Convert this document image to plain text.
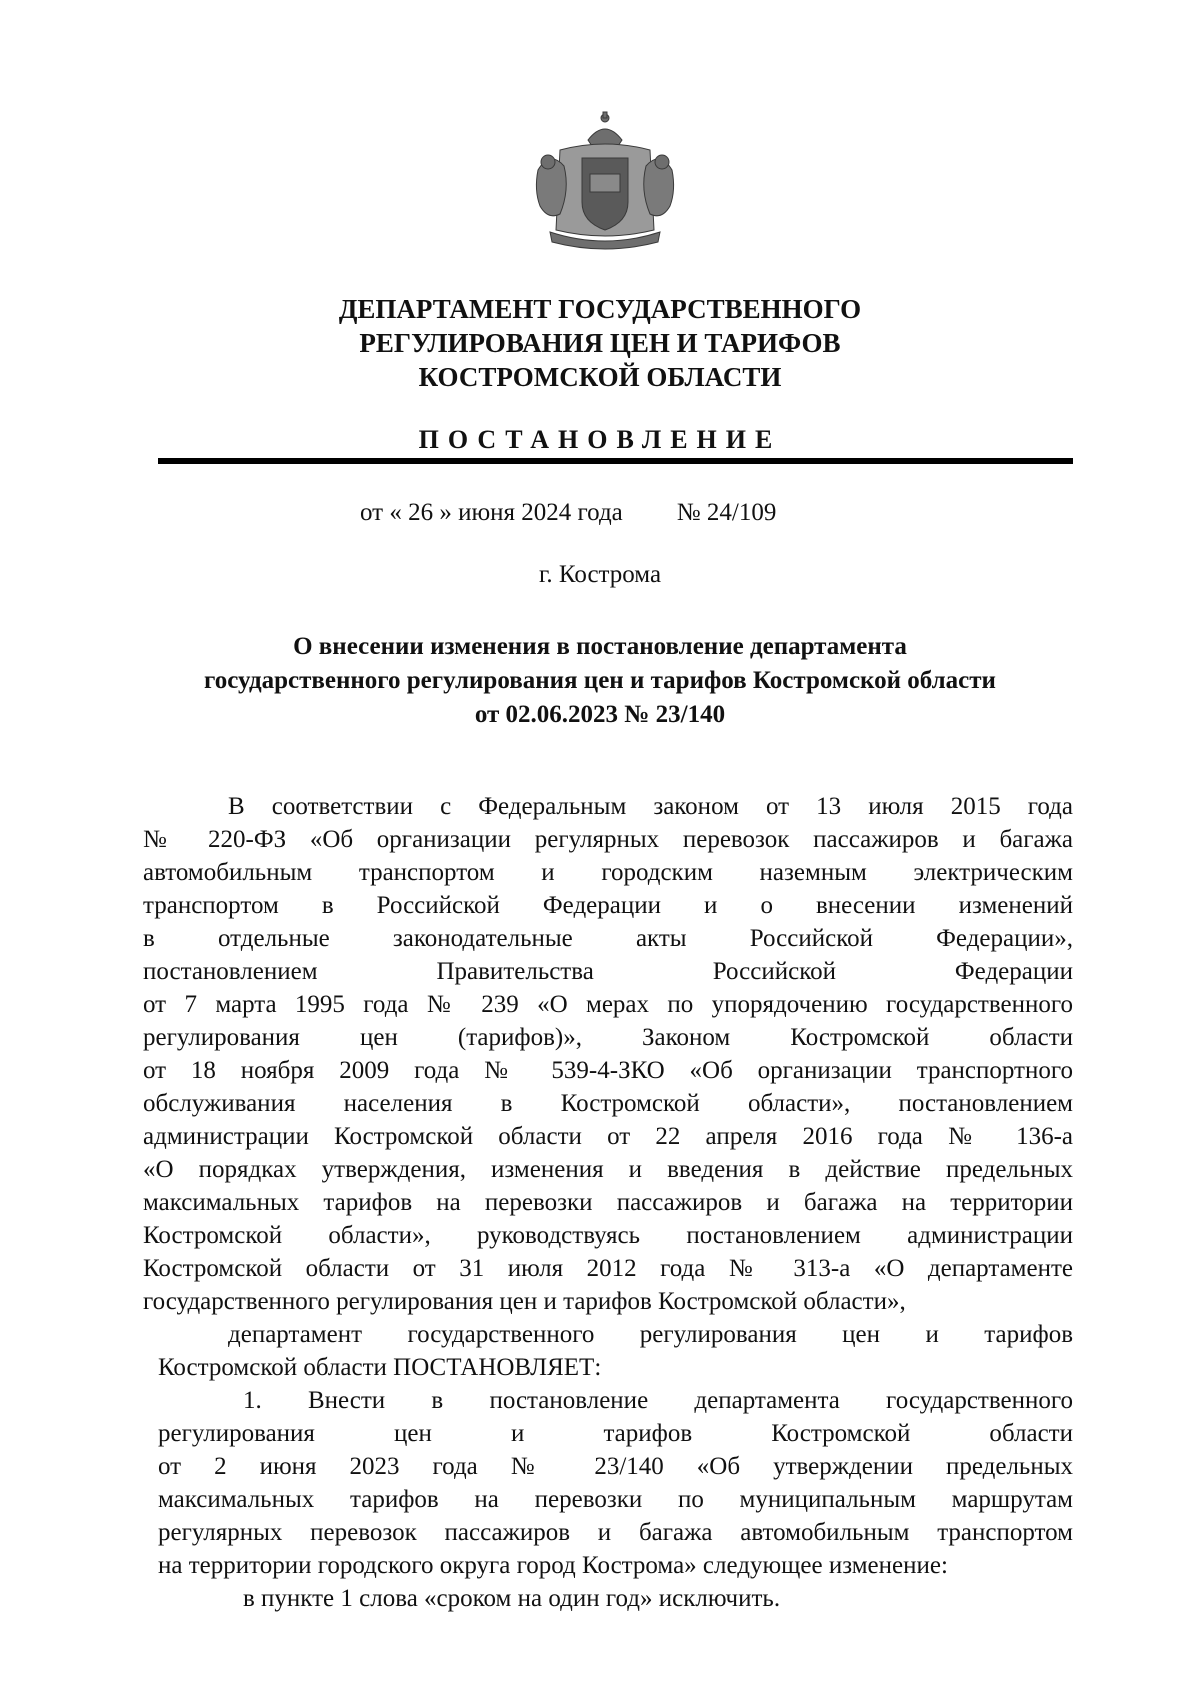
ДЕПАРТАМЕНТ ГОСУДАРСТВЕННОГО
РЕГУЛИРОВАНИЯ ЦЕН И ТАРИФОВ
КОСТРОМСКОЙ ОБЛАСТИ
ПОСТАНОВЛЕНИЕ
от « 26 » июня 2024 года № 24/109
г. Кострома
О внесении изменения в постановление департамента
государственного регулирования цен и тарифов Костромской области
от 02.06.2023 № 23/140
В соответствии с Федеральным законом от 13 июля 2015 года
№ 220-ФЗ «Об организации регулярных перевозок пассажиров и багажа
автомобильным транспортом и городским наземным электрическим
транспортом в Российской Федерации и о внесении изменений
в отдельные законодательные акты Российской Федерации»,
постановлением Правительства Российской Федерации
от 7 марта 1995 года № 239 «О мерах по упорядочению государственного
регулирования цен (тарифов)», Законом Костромской области
от 18 ноября 2009 года № 539-4-ЗКО «Об организации транспортного
обслуживания населения в Костромской области», постановлением
администрации Костромской области от 22 апреля 2016 года № 136-а
«О порядках утверждения, изменения и введения в действие предельных
максимальных тарифов на перевозки пассажиров и багажа на территории
Костромской области», руководствуясь постановлением администрации
Костромской области от 31 июля 2012 года № 313-а «О департаменте
государственного регулирования цен и тарифов Костромской области»,
департамент государственного регулирования цен и тарифов
Костромской области ПОСТАНОВЛЯЕТ:
1. Внести в постановление департамента государственного
регулирования цен и тарифов Костромской области
от 2 июня 2023 года № 23/140 «Об утверждении предельных
максимальных тарифов на перевозки по муниципальным маршрутам
регулярных перевозок пассажиров и багажа автомобильным транспортом
на территории городского округа город Кострома» следующее изменение:
в пункте 1 слова «сроком на один год» исключить.
